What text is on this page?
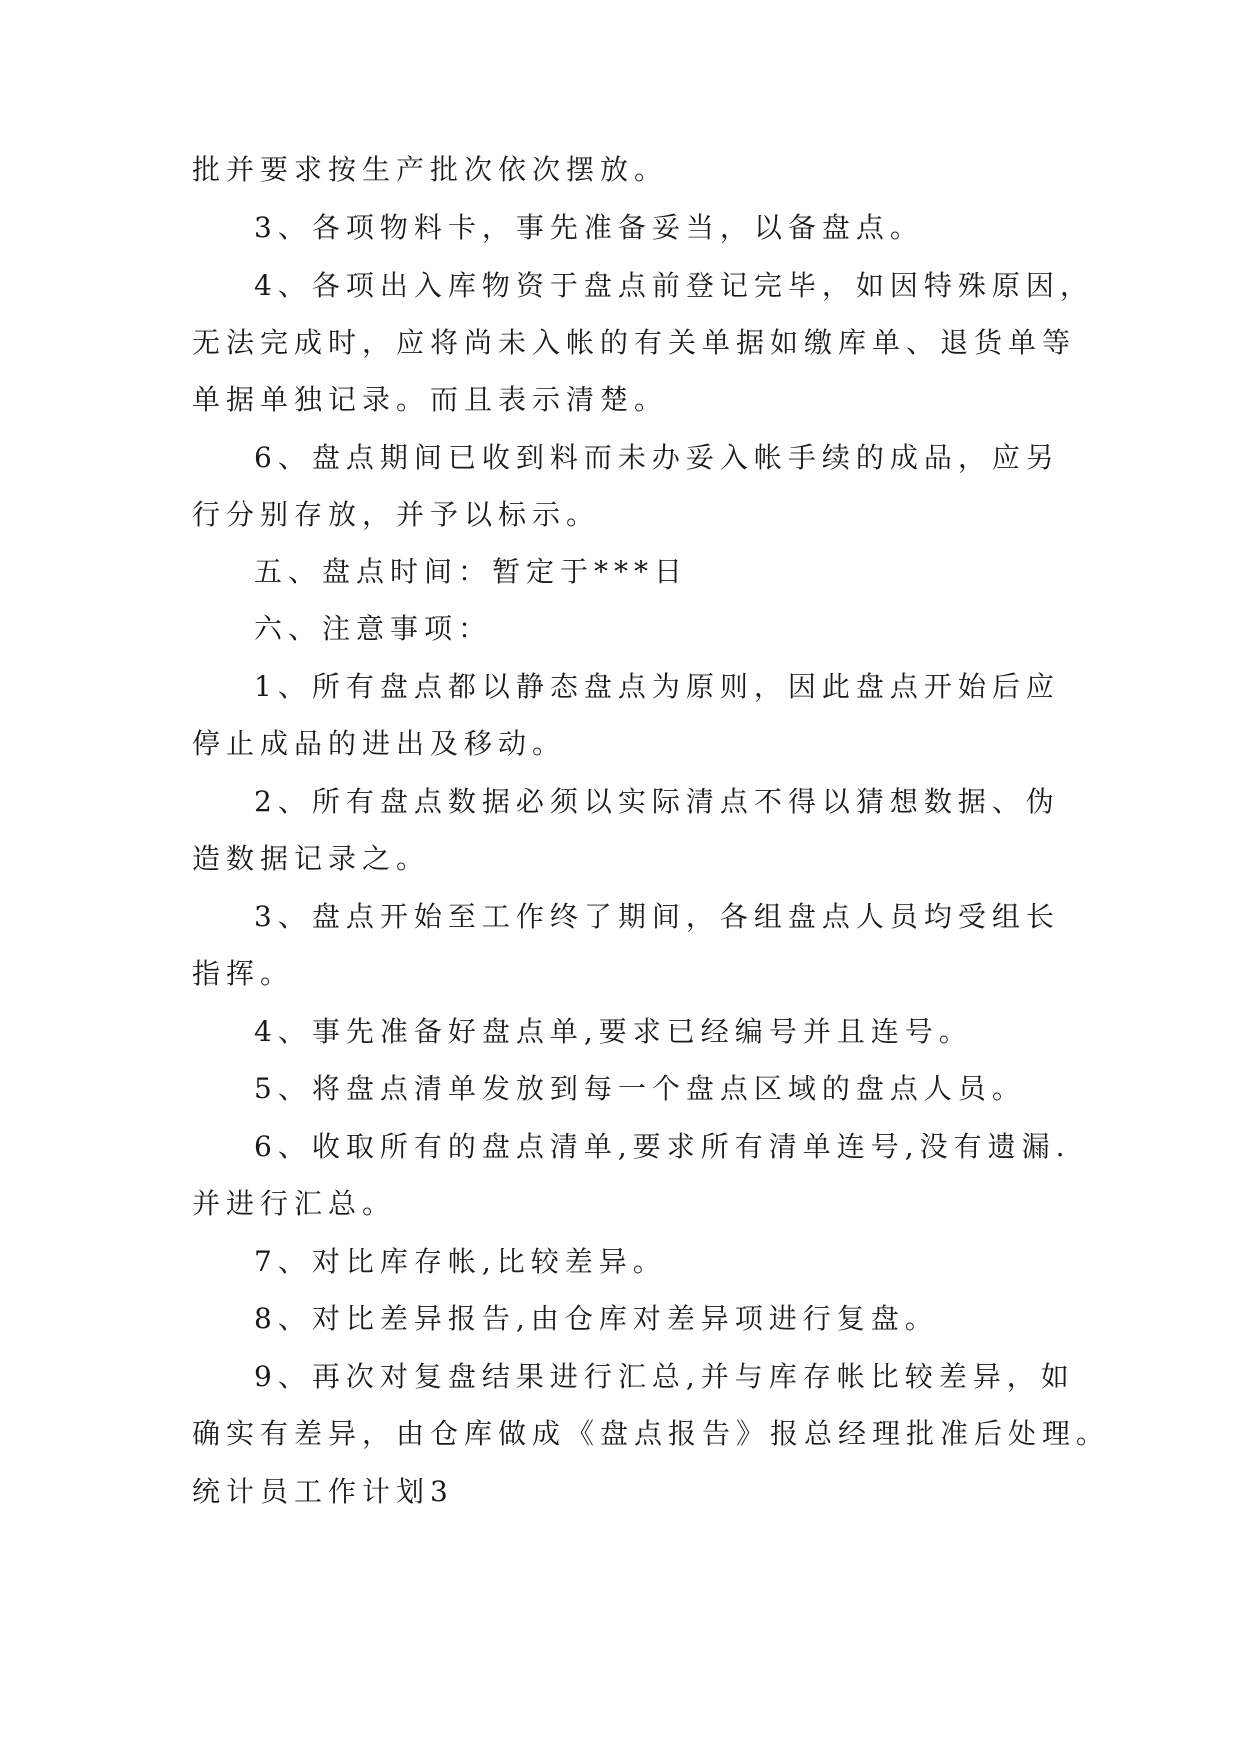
批并要求按生产批次依次摆放。
3、各项物料卡，事先准备妥当，以备盘点。
4、各项出入库物资于盘点前登记完毕，如因特殊原因，
无法完成时，应将尚未入帐的有关单据如缴库单、退货单等
单据单独记录。而且表示清楚。
6、盘点期间已收到料而未办妥入帐手续的成品，应另
行分别存放，并予以标示。
五、盘点时间：暂定于***日
六、注意事项：
1、所有盘点都以静态盘点为原则，因此盘点开始后应
停止成品的进出及移动。
2、所有盘点数据必须以实际清点不得以猜想数据、伪
造数据记录之。
3、盘点开始至工作终了期间，各组盘点人员均受组长
指挥。
4、事先准备好盘点单,要求已经编号并且连号。
5、将盘点清单发放到每一个盘点区域的盘点人员。
6、收取所有的盘点清单,要求所有清单连号,没有遗漏.
并进行汇总。
7、对比库存帐,比较差异。
8、对比差异报告,由仓库对差异项进行复盘。
9、再次对复盘结果进行汇总,并与库存帐比较差异，如
确实有差异，由仓库做成《盘点报告》报总经理批准后处理。
统计员工作计划3
